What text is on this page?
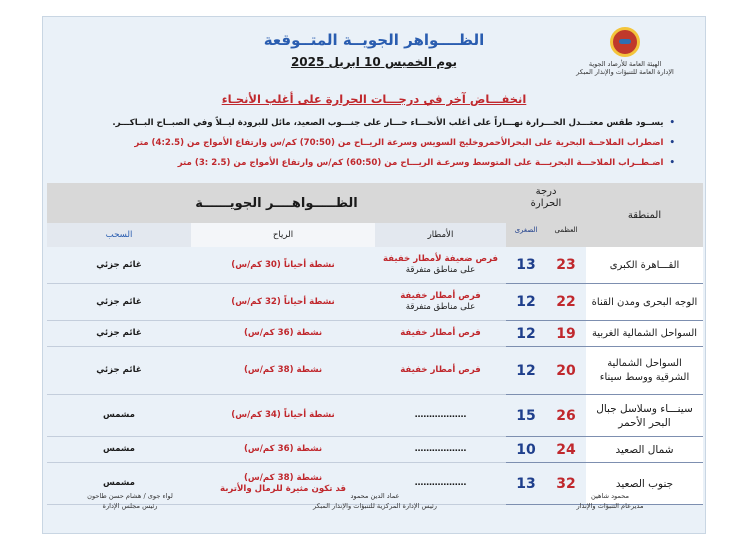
الهيئة العامة للأرصاد الجوية
الإدارة العامة للتنبؤات والإنذار المبكر
الظــــواهر الجويــة المتــوقعة
يوم الخميس 10 ابريل 2025
انخفـــاض آخر في درجـــات الحرارة على أغلب الأنحـاء
•يســود طقس معتـــدل الحـــرارة نهـــاراً على أغلب الأنحـــاء حـــار على جنـــوب الصعيد، مائل للبرودة ليــلاً وفي الصبــاح البــاكـــر.
•اضطراب الملاحــة البحرية على البحرالأحمروخليج السويس وسرعة الريــاح من (70:50) كم/س وارتفاع الأمواج من (4:2.5) متر
•اضـطــراب الملاحـــة البحريـــة على المتوسط وسرعـة الريـــاح من (60:50) كم/س وارتفاع الأمواج من (2.5 :3) متر
المنطقة
درجة الحرارة
العظمى
الصغرى
الظـــــواهــــر الجويــــــة
الأمطار
الرياح
السحب
القـــاهرة الكبرى
23
13
فرص ضعيفة لأمطار خفيفة
على مناطق متفرقة
نشطة أحياناً (30 كم/س)
غائم جزئي
الوجه البحرى ومدن القناة
22
12
فرص أمطار خفيفة
على مناطق متفرقة
نشطة أحياناً (32 كم/س)
غائم جزئي
السواحل الشمالية الغربية
19
12
فرص أمطار خفيفة
نشطة (36 كم/س)
غائم جزئي
السواحل الشمالية الشرقية ووسط سيناء
20
12
فرص أمطار خفيفة
نشطة (38 كم/س)
غائم جزئي
سينـــاء وسلاسل جبال البحر الأحمر
26
15
………………
نشطة أحياناً (34 كم/س)
مشمس
شمال الصعيد
24
10
………………
نشطة (36 كم/س)
مشمس
جنوب الصعيد
32
13
………………
نشطة (38 كم/س)
قد تكون مثيرة للرمال والأتربة
مشمس
محمود شاهين
مديرعام التنبؤات والإنذار
عماد الدين محمود
رئيس الإدارة المركزية للتنبؤات والإنذار المبكر
لواء جوى / هشام حسن طاحون
رئيس مجلس الإدارة
